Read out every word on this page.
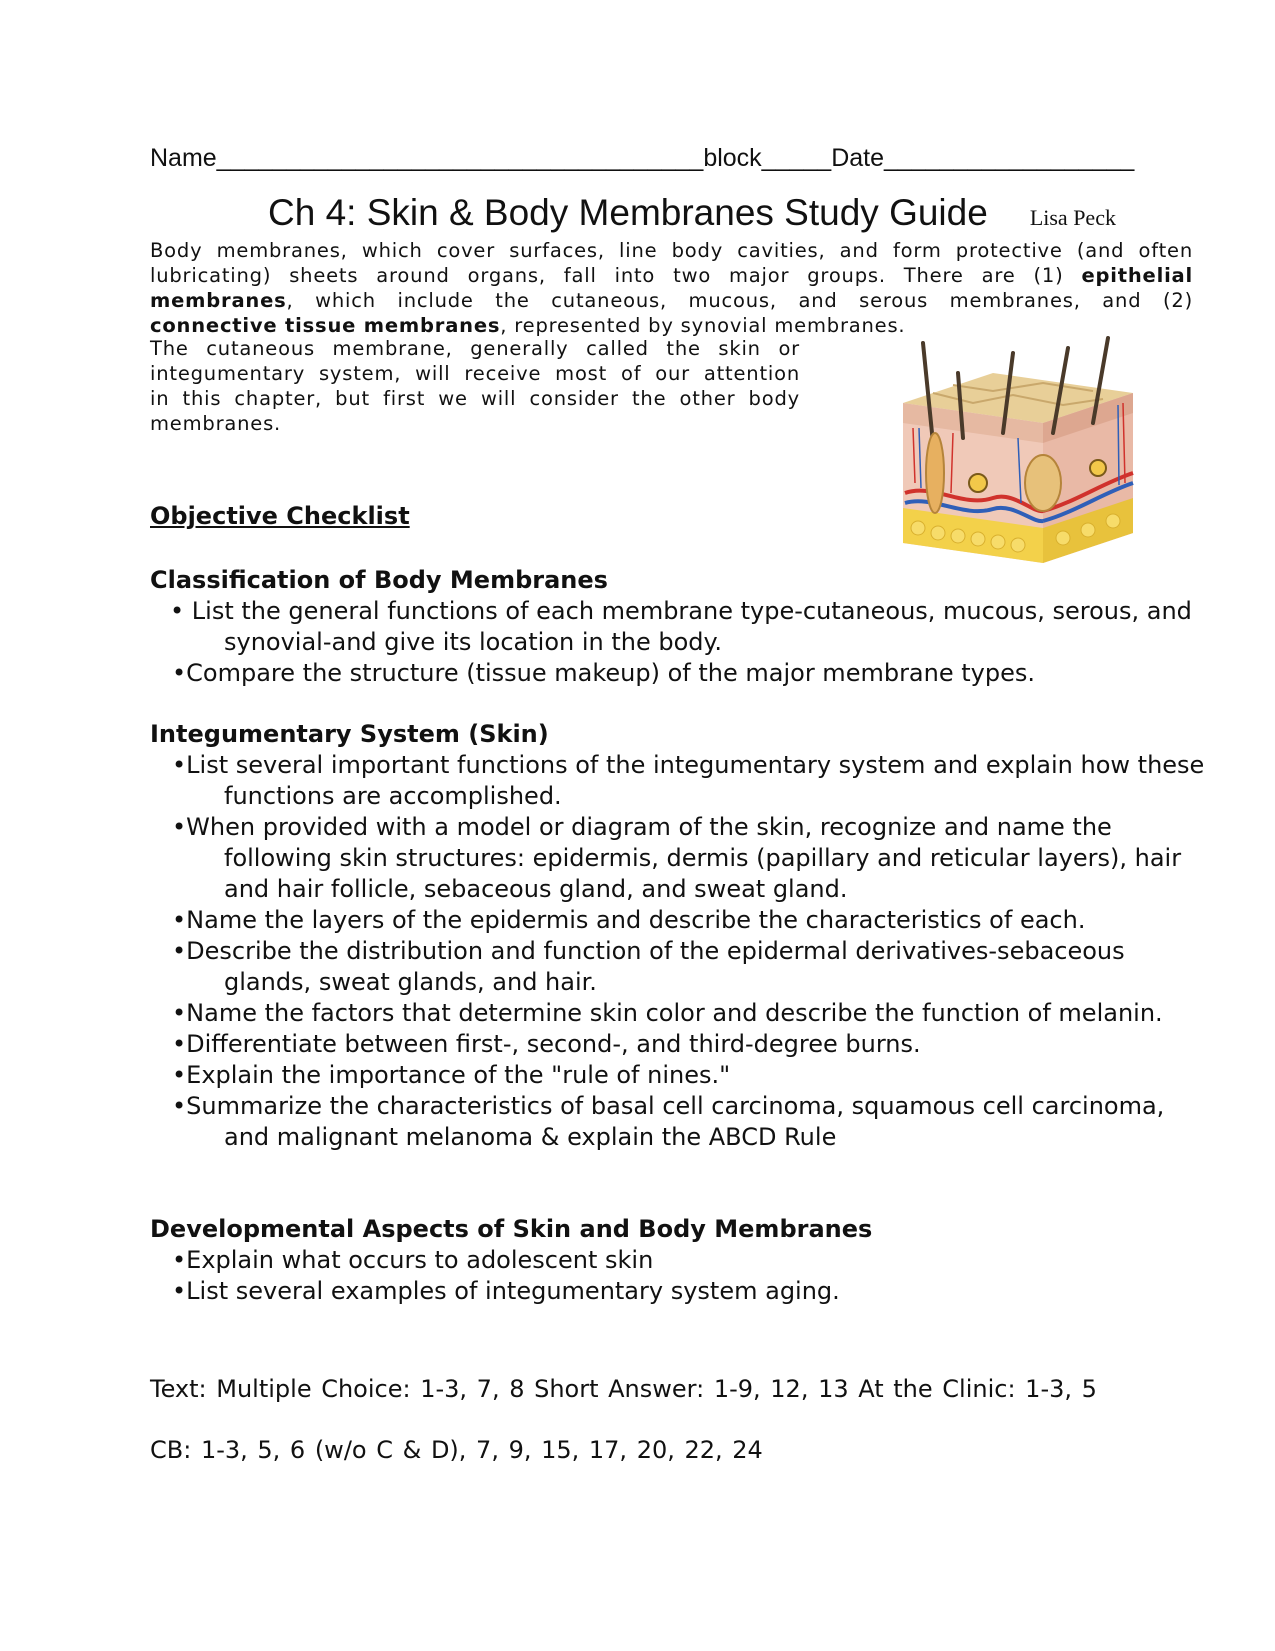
Name___________________________________block_____Date__________________
Ch 4: Skin & Body Membranes Study Guide Lisa Peck
Body membranes, which cover surfaces, line body cavities, and form protective (and often
lubricating) sheets around organs, fall into two major groups. There are (1) epithelial
membranes, which include the cutaneous, mucous, and serous membranes, and (2)
connective tissue membranes, represented by synovial membranes.
The cutaneous membrane, generally called the skin or
integumentary system, will receive most of our attention
in this chapter, but first we will consider the other body
membranes.
Objective Checklist
Classification of Body Membranes
• List the general functions of each membrane type-cutaneous, mucous, serous, and synovial-and give its location in the body.
•Compare the structure (tissue makeup) of the major membrane types.
Integumentary System (Skin)
•List several important functions of the integumentary system and explain how these functions are accomplished.
•When provided with a model or diagram of the skin, recognize and name the following skin structures: epidermis, dermis (papillary and reticular layers), hair and hair follicle, sebaceous gland, and sweat gland.
•Name the layers of the epidermis and describe the characteristics of each.
•Describe the distribution and function of the epidermal derivatives-sebaceous glands, sweat glands, and hair.
•Name the factors that determine skin color and describe the function of melanin.
•Differentiate between first-, second-, and third-degree burns.
•Explain the importance of the "rule of nines."
•Summarize the characteristics of basal cell carcinoma, squamous cell carcinoma, and malignant melanoma & explain the ABCD Rule
Developmental Aspects of Skin and Body Membranes
•Explain what occurs to adolescent skin
•List several examples of integumentary system aging.
Text: Multiple Choice: 1-3, 7, 8 Short Answer: 1-9, 12, 13 At the Clinic: 1-3, 5
CB: 1-3, 5, 6 (w/o C & D), 7, 9, 15, 17, 20, 22, 24
